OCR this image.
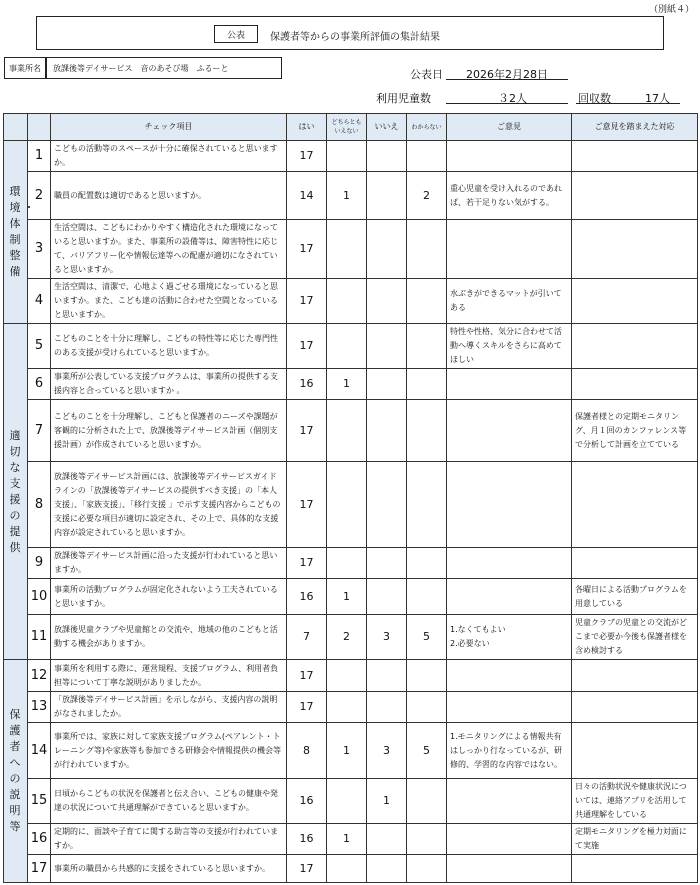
（別紙４）
公表	保護者等からの事業所評価の集計結果
事業所名	放課後等デイサービス　音のあそび場　ふるーと	公表日 2026年2月28日
利用児童数	３2人	回収数	17人
		チェック項目	はい	どちらとも
いえない	いいえ	わからない	ご意見	ご意見を踏まえた対応
環境・体制整備	1	こどもの活動等のスペースが十分に確保されていると思いますか。	17					
	2	職員の配置数は適切であると思いますか。	14	1		2	重心児童を受け入れるのであれば、若干足りない気がする。	
	3	生活空間は、こどもにわかりやすく構造化された環境になっていると思いますか。また、事業所の設備等は、障害特性に応じて、バリアフリー化や情報伝達等への配慮が適切になされていると思いますか。	17					
	4	生活空間は、清潔で、心地よく過ごせる環境になっていると思いますか。また、こども達の活動に合わせた空間となっていると思いますか。	17				水ぶきができるマットが引いてある	
適切な支援の提供	5	こどものことを十分に理解し、こどもの特性等に応じた専門性のある支援が受けられていると思いますか。	17				特性や性格、気分に合わせて活動へ導くスキルをさらに高めてほしい	
	6	事業所が公表している支援プログラムは、事業所の提供する支援内容と合っていると思いますか 。	16	1				
	7	こどものことを十分理解し、こどもと保護者のニーズや課題が客観的に分析された上で、放課後等デイサービス計画（個別支援計画）が作成されていると思いますか。	17					保護者様との定期モニタリング、月１回のカンファレンス等で分析して計画を立てている
	8	放課後等デイサービス計画には、放課後等デイサービスガイドラインの「放課後等デイサービスの提供すべき支援」の「本人支援」、「家族支援」、「移行支援 」で示す支援内容からこどもの支援に必要な項目が適切に設定され、その上で、具体的な支援内容が設定されていると思いますか。	17					
	9	放課後等デイサービス計画に沿った支援が行われていると思いますか。	17					
	10	事業所の活動プログラムが固定化されないよう工夫されていると思いますか。	16	1				各曜日による活動プログラムを用意している
	11	放課後児童クラブや児童館との交流や、地域の他のこどもと活動する機会がありますか。	7	2	3	5	1.なくてもよい
2.必要ない	児童クラブの児童との交流がどこまで必要か今後も保護者様を含め検討する
保護者への説明等	12	事業所を利用する際に、運営規程、支援プログラム、利用者負担等について丁寧な説明がありましたか。	17					
	13	「放課後等デイサービス計画」を示しながら、支援内容の説明がなされましたか。	17					
	14	事業所では、家族に対して家族支援プログラム(ペアレント・トレーニング等)や家族等も参加できる研修会や情報提供の機会等が行われていますか。	8	1	3	5	1.モニタリングによる情報共有はしっかり行なっているが、研修的、学習的な内容ではない。	
	15	日頃からこどもの状況を保護者と伝え合い、こどもの健康や発達の状況について共通理解ができていると思いますか。	16		1			日々の活動状況や健康状況については、連絡アプリを活用して共通理解をしている
	16	定期的に、面談や子育てに関する助言等の支援が行われていますか。	16	1				定期モニタリングを極力対面にて実施
	17	事業所の職員から共感的に支援をされていると思いますか。	17					
